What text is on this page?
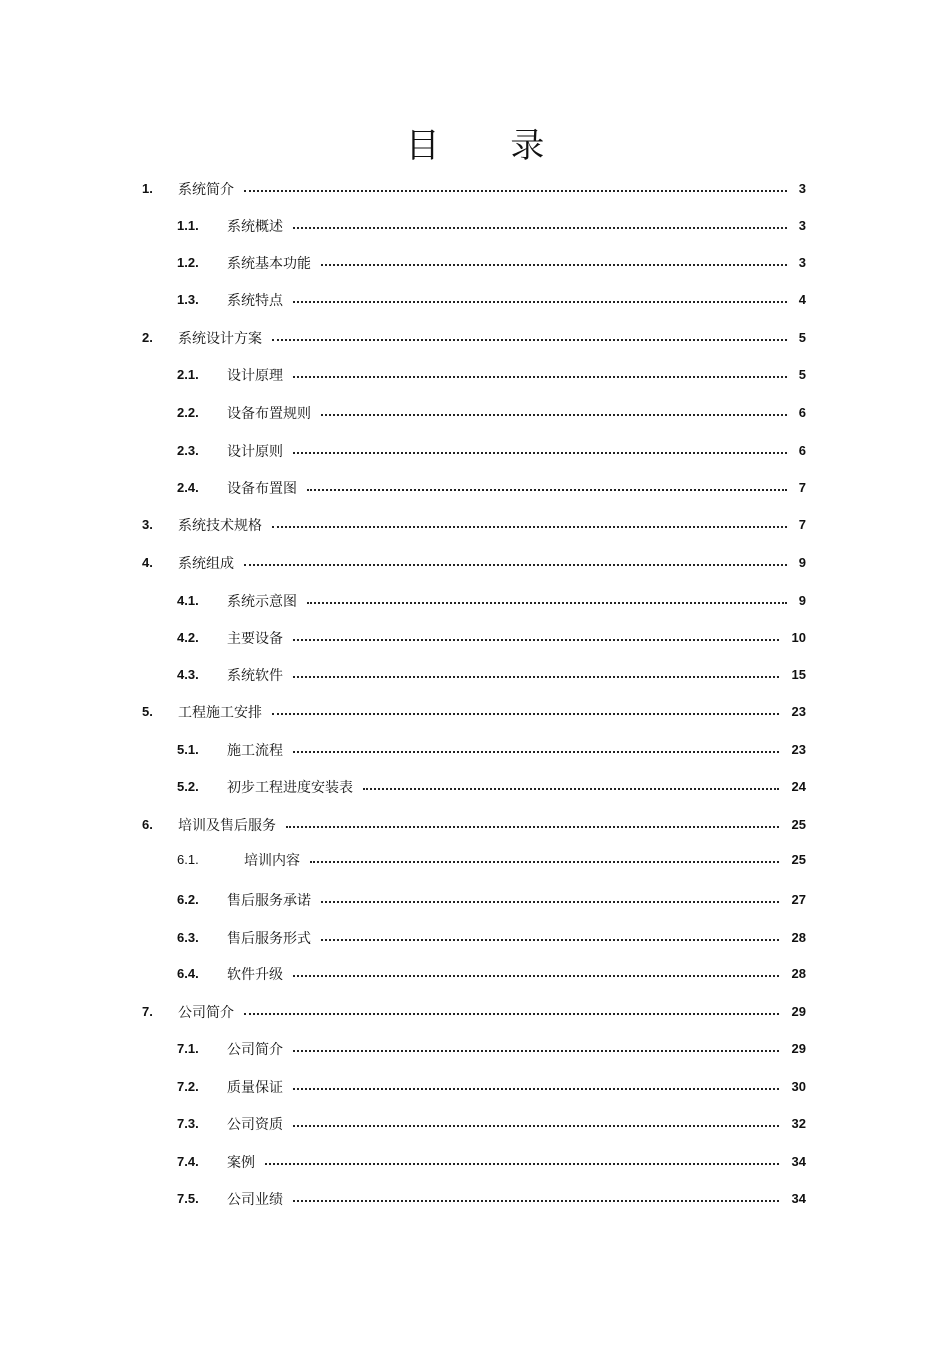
目 录
1. 系统简介	3
1.1. 系统概述	3
1.2. 系统基本功能	3
1.3. 系统特点	4
2. 系统设计方案	5
2.1. 设计原理	5
2.2. 设备布置规则	6
2.3. 设计原则	6
2.4. 设备布置图	7
3. 系统技术规格	7
4. 系统组成	9
4.1. 系统示意图	9
4.2. 主要设备	10
4.3. 系统软件	15
5. 工程施工安排	23
5.1. 施工流程	23
5.2. 初步工程进度安装表	24
6. 培训及售后服务	25
6.1.	培训内容	25
6.2. 售后服务承诺	27
6.3. 售后服务形式	28
6.4. 软件升级	28
7. 公司简介	29
7.1. 公司简介	29
7.2. 质量保证	30
7.3. 公司资质	32
7.4. 案例	34
7.5. 公司业绩	34
